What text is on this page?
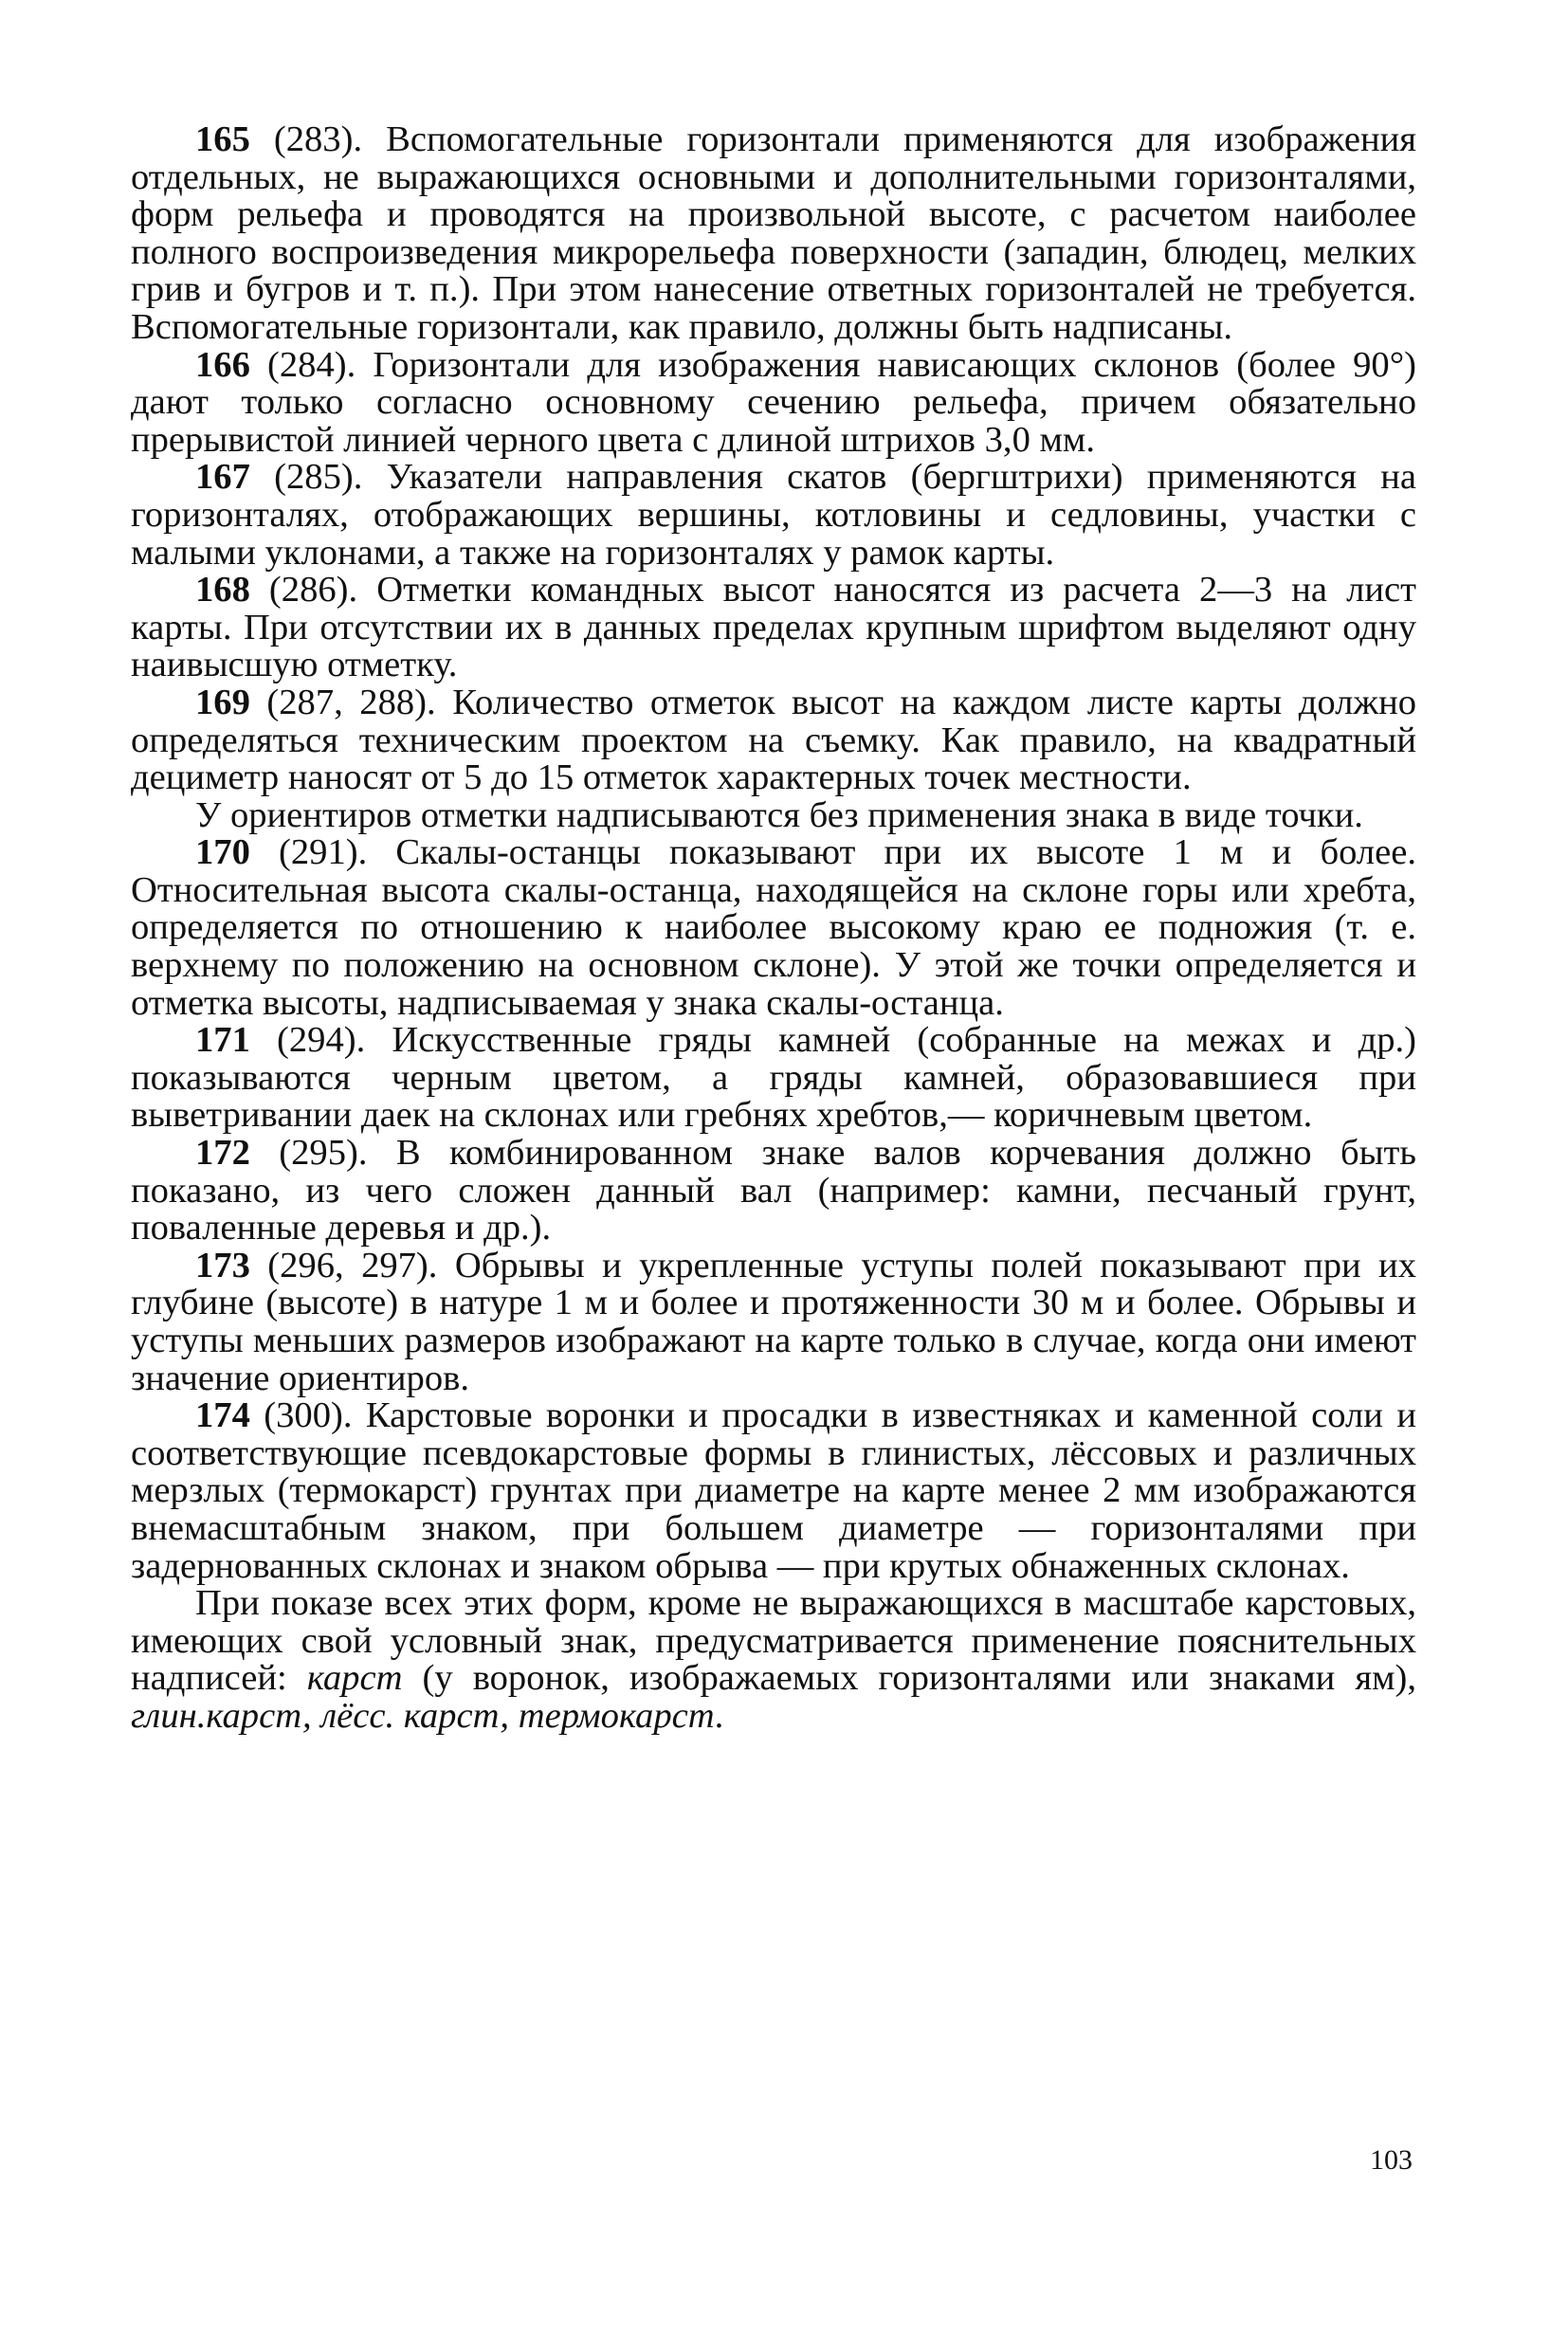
165 (283). Вспомогательные горизонтали применяются для изображения отдельных, не выражающихся основными и дополнительными горизонталями, форм рельефа и проводятся на произвольной высоте, с расчетом наиболее полного воспроизведения микрорельефа поверхности (западин, блюдец, мелких грив и бугров и т. п.). При этом нанесение ответных горизонталей не требуется. Вспомогательные горизонтали, как правило, должны быть надписаны.

166 (284). Горизонтали для изображения нависающих склонов (более 90°) дают только согласно основному сечению рельефа, причем обязательно прерывистой линией черного цвета с длиной штрихов 3,0 мм.

167 (285). Указатели направления скатов (бергштрихи) применяются на горизонталях, отображающих вершины, котловины и седловины, участки с малыми уклонами, а также на горизонталях у рамок карты.

168 (286). Отметки командных высот наносятся из расчета 2—3 на лист карты. При отсутствии их в данных пределах крупным шрифтом выделяют одну наивысшую отметку.

169 (287, 288). Количество отметок высот на каждом листе карты должно определяться техническим проектом на съемку. Как правило, на квадратный дециметр наносят от 5 до 15 отметок характерных точек местности.

У ориентиров отметки надписываются без применения знака в виде точки.

170 (291). Скалы-останцы показывают при их высоте 1 м и более. Относительная высота скалы-останца, находящейся на склоне горы или хребта, определяется по отношению к наиболее высокому краю ее подножия (т. е. верхнему по положению на основном склоне). У этой же точки определяется и отметка высоты, надписываемая у знака скалы-останца.

171 (294). Искусственные гряды камней (собранные на межах и др.) показываются черным цветом, а гряды камней, образовавшиеся при выветривании даек на склонах или гребнях хребтов,— коричневым цветом.

172 (295). В комбинированном знаке валов корчевания должно быть показано, из чего сложен данный вал (например: камни, песчаный грунт, поваленные деревья и др.).

173 (296, 297). Обрывы и укрепленные уступы полей показывают при их глубине (высоте) в натуре 1 м и более и протяженности 30 м и более. Обрывы и уступы меньших размеров изображают на карте только в случае, когда они имеют значение ориентиров.

174 (300). Карстовые воронки и просадки в известняках и каменной соли и соответствующие псевдокарстовые формы в глинистых, лёссовых и различных мерзлых (термокарст) грунтах при диаметре на карте менее 2 мм изображаются внемасштабным знаком, при большем диаметре — горизонталями при задернованных склонах и знаком обрыва — при крутых обнаженных склонах.

При показе всех этих форм, кроме не выражающихся в масштабе карстовых, имеющих свой условный знак, предусматривается применение пояснительных надписей: карст (у воронок, изображаемых горизонталями или знаками ям), глин.карст, лёсс. карст, термокарст.

103
